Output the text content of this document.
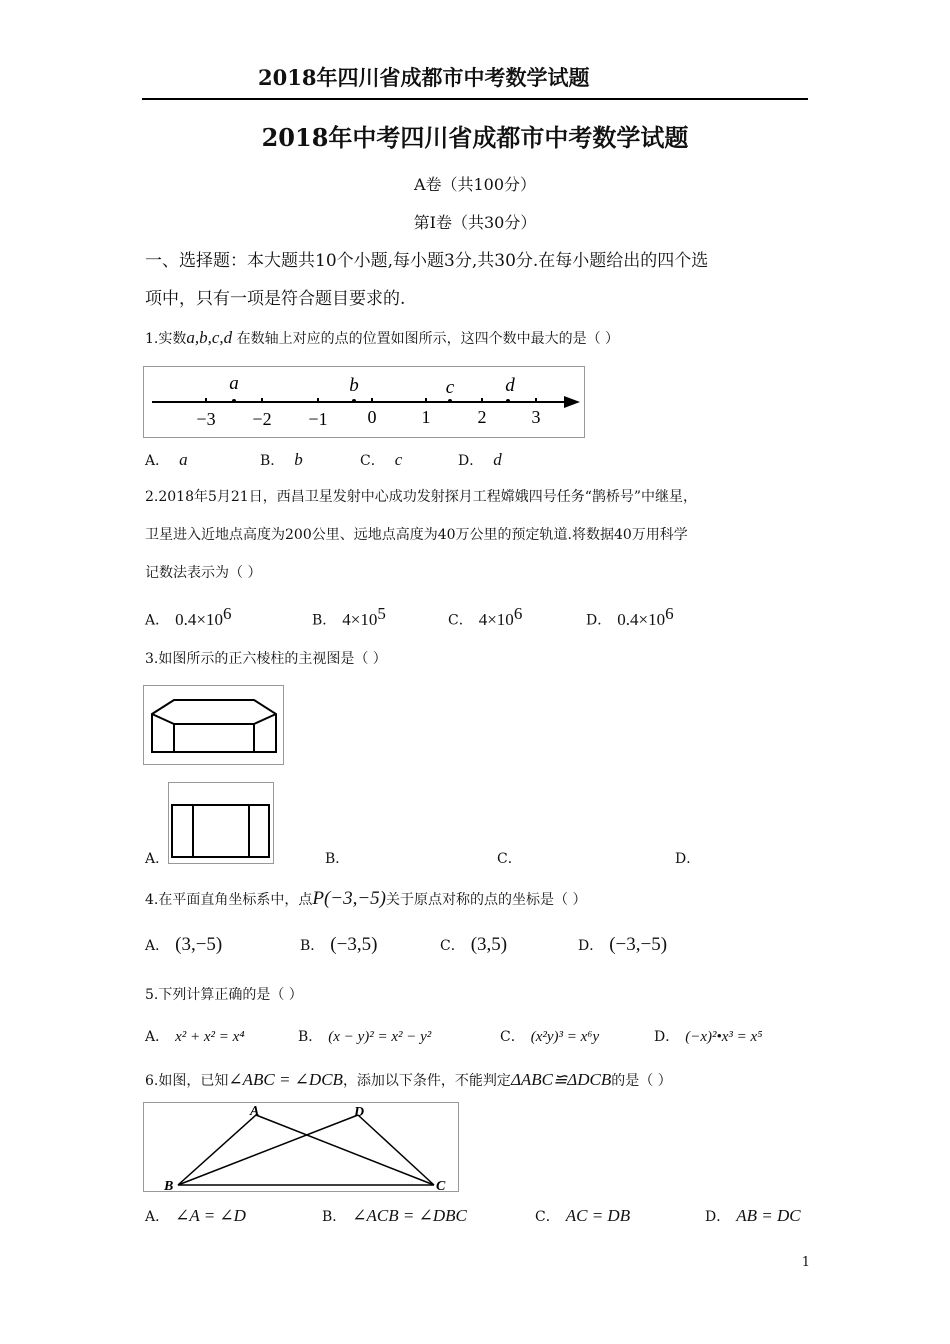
2018年四川省成都市中考数学试题
2018年中考四川省成都市中考数学试题
A卷（共100分）
第Ⅰ卷（共30分）
一、选择题：本大题共10个小题,每小题3分,共30分.在每小题给出的四个选
项中，只有一项是符合题目要求的.
1.实数a,b,c,d 在数轴上对应的点的位置如图所示，这四个数中最大的是（ ）
−3 −2 −1 0	1	2	3
a	b	c	d
A． a	B． b	C． c	D． d
2.2018年5月21日，西昌卫星发射中心成功发射探月工程嫦娥四号任务“鹊桥号”中继星，
卫星进入近地点高度为200公里、远地点高度为40万公里的预定轨道.将数据40万用科学
记数法表示为（ ）
A． $0.4\times 10^6$	B． $4\times 10^5$	C． $4\times 10^6$	D． $0.4\times 10^6$
3.如图所示的正六棱柱的主视图是（ ）
A．	B．	C．	D．
4.在平面直角坐标系中，点P(−3,−5)关于原点对称的点的坐标是（ ）
A． (3,−5)	B． (−3,5)	C． (3,5)	D． (−3,−5)
5.下列计算正确的是（ ）
A． x² + x² = x⁴	B． (x − y)² = x² − y²	C． (x²y)³ = x⁶y	D． (−x)²•x³ = x⁵
6.如图，已知∠ABC = ∠DCB，添加以下条件，不能判定ΔABC≌ΔDCB的是（ ）
A	D
B	C
A． ∠A = ∠D	B． ∠ACB = ∠DBC	C． AC = DB	D． AB = DC
1
